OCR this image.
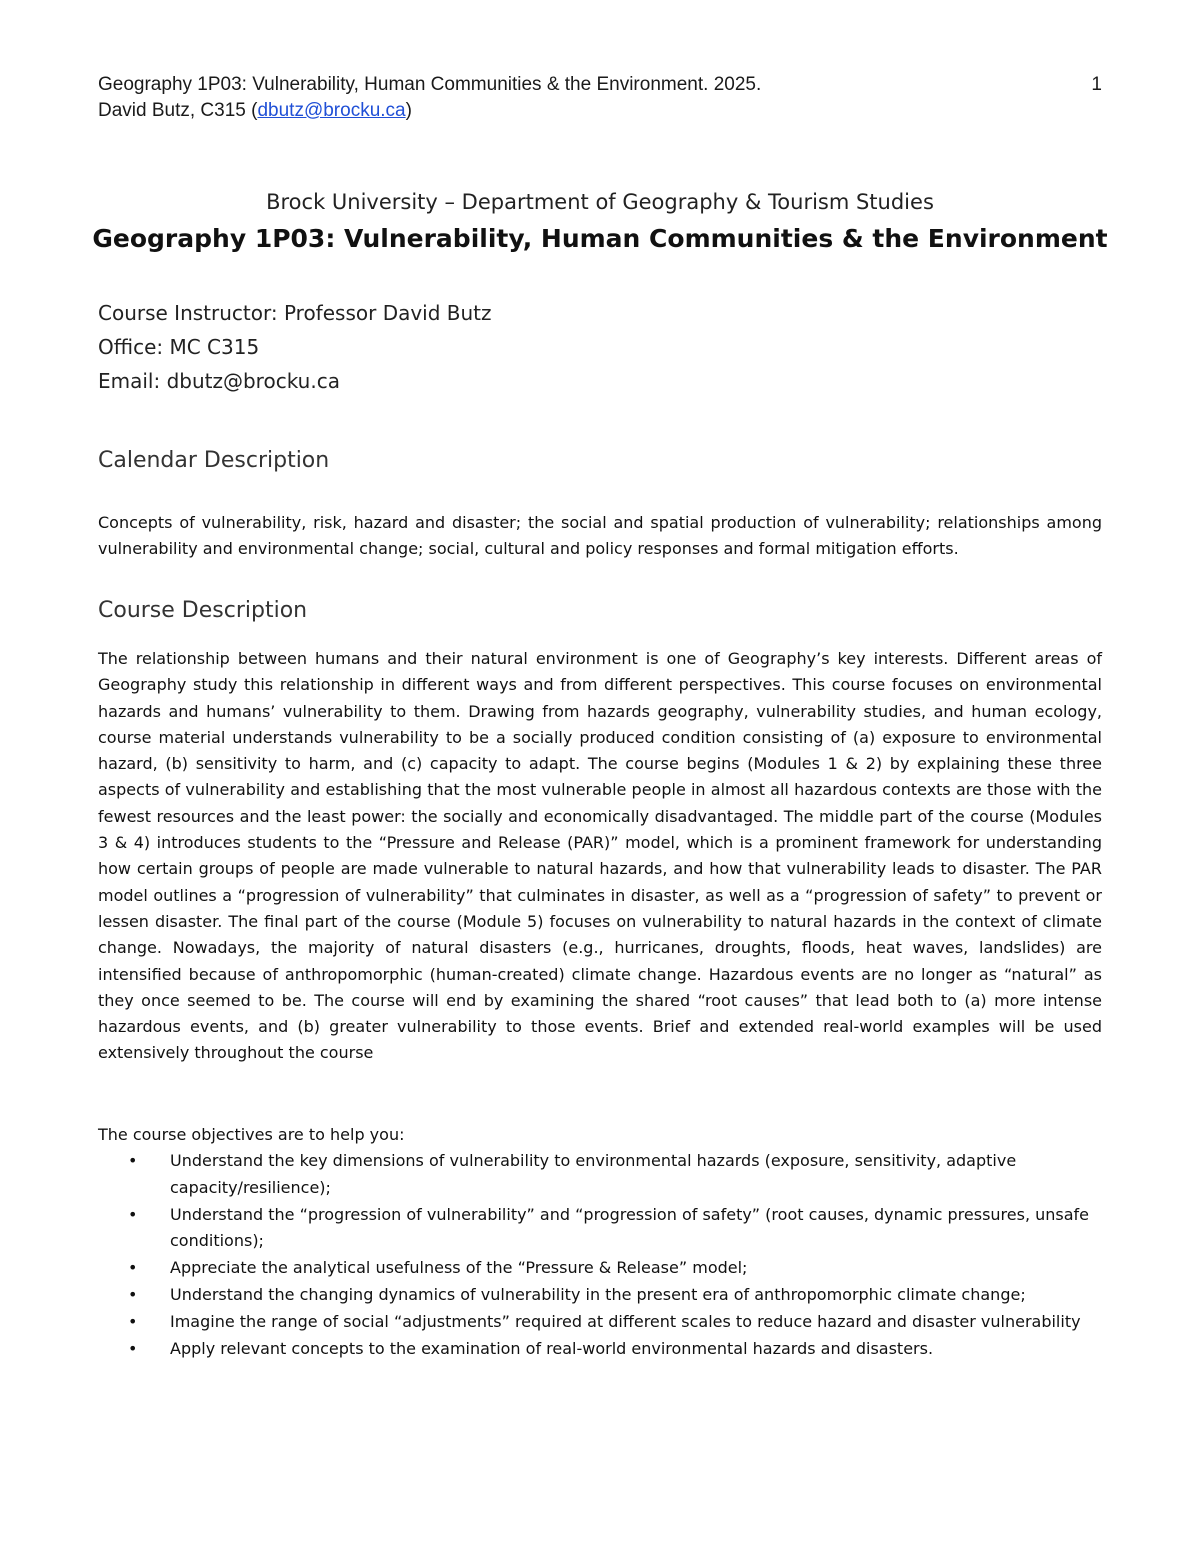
Geography 1P03: Vulnerability, Human Communities & the Environment. 2025.
David Butz, C315 (dbutz@brocku.ca)
1
Brock University – Department of Geography & Tourism Studies
Geography 1P03: Vulnerability, Human Communities & the Environment
Course Instructor: Professor David Butz
Office: MC C315
Email: dbutz@brocku.ca
Calendar Description
Concepts of vulnerability, risk, hazard and disaster; the social and spatial production of vulnerability; relationships among vulnerability and environmental change; social, cultural and policy responses and formal mitigation efforts.
Course Description
The relationship between humans and their natural environment is one of Geography’s key interests. Different areas of Geography study this relationship in different ways and from different perspectives. This course focuses on environmental hazards and humans’ vulnerability to them. Drawing from hazards geography, vulnerability studies, and human ecology, course material understands vulnerability to be a socially produced condition consisting of (a) exposure to environmental hazard, (b) sensitivity to harm, and (c) capacity to adapt. The course begins (Modules 1 & 2) by explaining these three aspects of vulnerability and establishing that the most vulnerable people in almost all hazardous contexts are those with the fewest resources and the least power: the socially and economically disadvantaged. The middle part of the course (Modules 3 & 4) introduces students to the “Pressure and Release (PAR)” model, which is a prominent framework for understanding how certain groups of people are made vulnerable to natural hazards, and how that vulnerability leads to disaster. The PAR model outlines a “progression of vulnerability” that culminates in disaster, as well as a “progression of safety” to prevent or lessen disaster. The final part of the course (Module 5) focuses on vulnerability to natural hazards in the context of climate change. Nowadays, the majority of natural disasters (e.g., hurricanes, droughts, floods, heat waves, landslides) are intensified because of anthropomorphic (human-created) climate change. Hazardous events are no longer as “natural” as they once seemed to be. The course will end by examining the shared “root causes” that lead both to (a) more intense hazardous events, and (b) greater vulnerability to those events. Brief and extended real-world examples will be used extensively throughout the course
The course objectives are to help you:
• Understand the key dimensions of vulnerability to environmental hazards (exposure, sensitivity, adaptive capacity/resilience);
• Understand the “progression of vulnerability” and “progression of safety” (root causes, dynamic pressures, unsafe conditions);
• Appreciate the analytical usefulness of the “Pressure & Release” model;
• Understand the changing dynamics of vulnerability in the present era of anthropomorphic climate change;
• Imagine the range of social “adjustments” required at different scales to reduce hazard and disaster vulnerability
• Apply relevant concepts to the examination of real-world environmental hazards and disasters.
